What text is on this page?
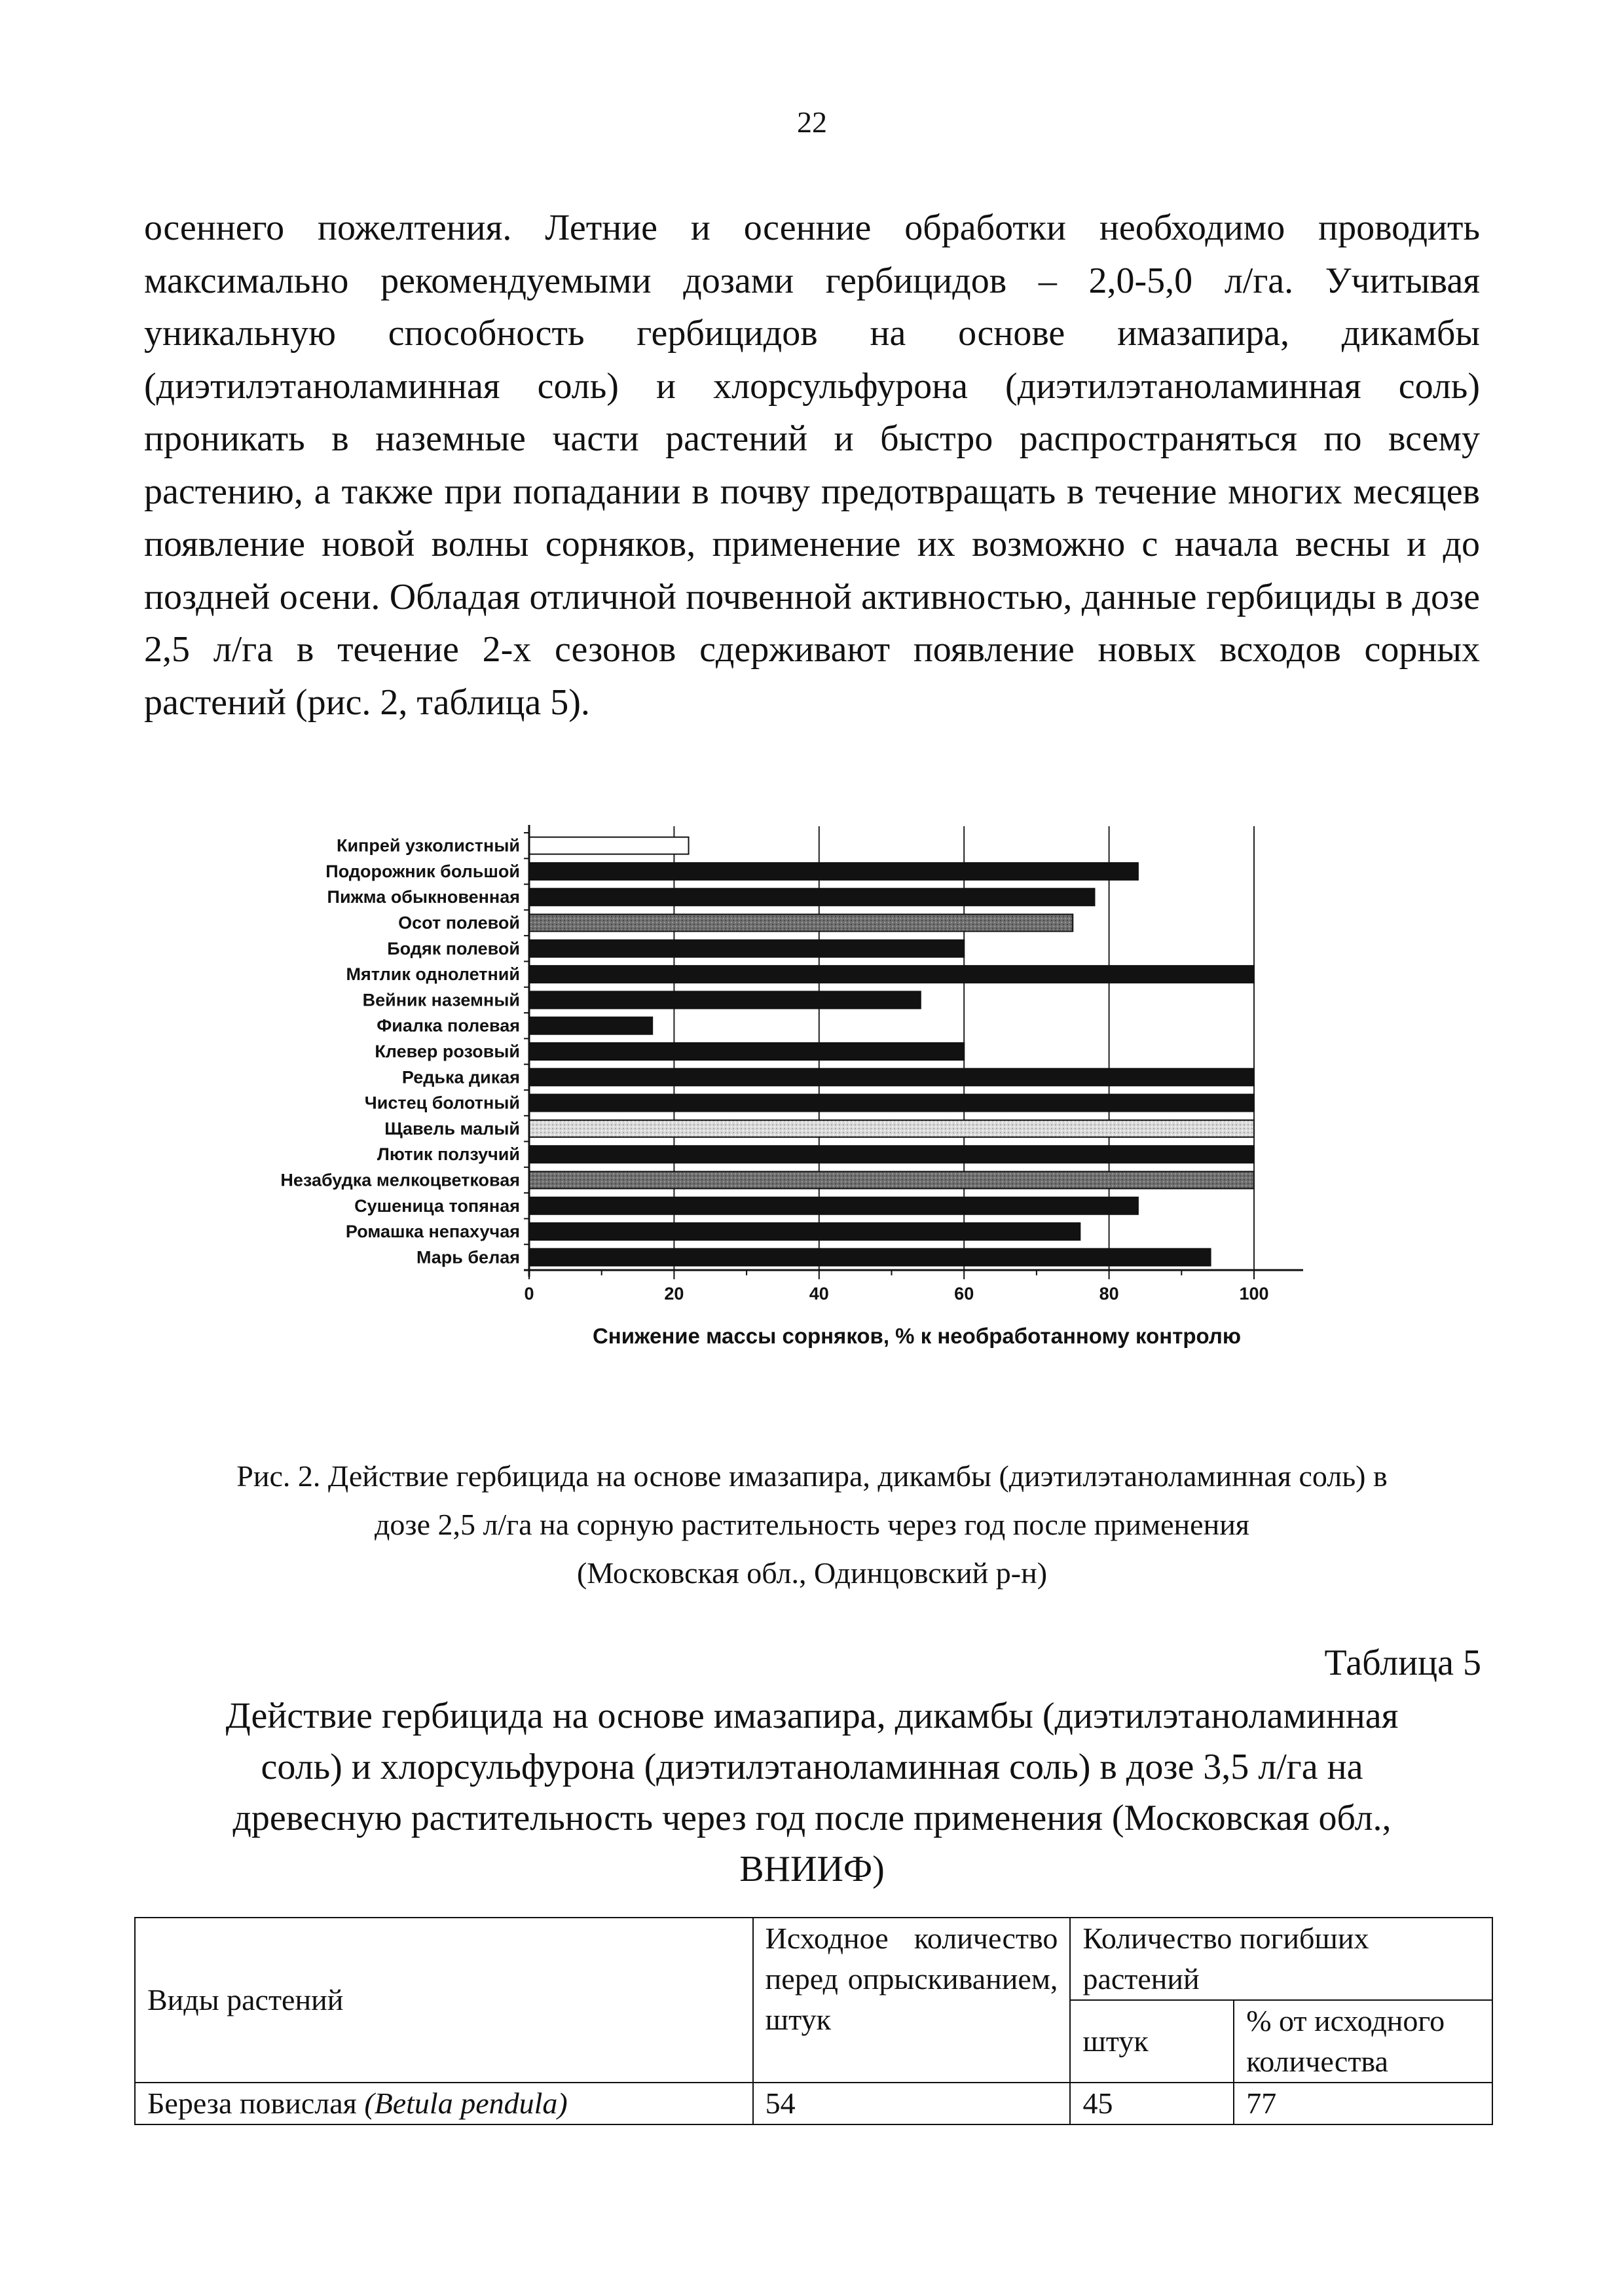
22

осеннего пожелтения. Летние и осенние обработки необходимо проводить максимально рекомендуемыми дозами гербицидов – 2,0-5,0 л/га. Учитывая уникальную способность гербицидов на основе имазапира, дикамбы (диэтилэтаноламинная соль) и хлорсульфурона (диэтилэтаноламинная соль) проникать в наземные части растений и быстро распространяться по всему растению, а также при попадании в почву предотвращать в течение многих месяцев появление новой волны сорняков, применение их возможно с начала весны и до поздней осени. Обладая отличной почвенной активностью, данные гербициды в дозе 2,5 л/га в течение 2-х сезонов сдерживают появление новых всходов сорных растений (рис. 2, таблица 5).

Кипрей узколистный
Подорожник большой
Пижма обыкновенная
Осот полевой
Бодяк полевой
Мятлик однолетний
Вейник наземный
Фиалка полевая
Клевер розовый
Редька дикая
Чистец болотный
Щавель малый
Лютик ползучий
Незабудка мелкоцветковая
Сушеница топяная
Ромашка непахучая
Марь белая
0	20	40	60	80	100
Снижение массы сорняков, % к необработанному контролю
Рис. 2. Действие гербицида на основе имазапира, дикамбы (диэтилэтаноламинная соль) в
дозе 2,5 л/га на сорную растительность через год после применения
(Московская обл., Одинцовский р-н)
Таблица 5
Действие гербицида на основе имазапира, дикамбы (диэтилэтаноламинная
соль) и хлорсульфурона (диэтилэтаноламинная соль) в дозе 3,5 л/га на
древесную растительность через год после применения (Московская обл.,
ВНИИФ)
Виды растений	Исходное количество перед опрыскиванием, штук	Количество погибших растений	
		штук	% от исходного количества
Береза повислая (Betula pendula)	54	45	77
